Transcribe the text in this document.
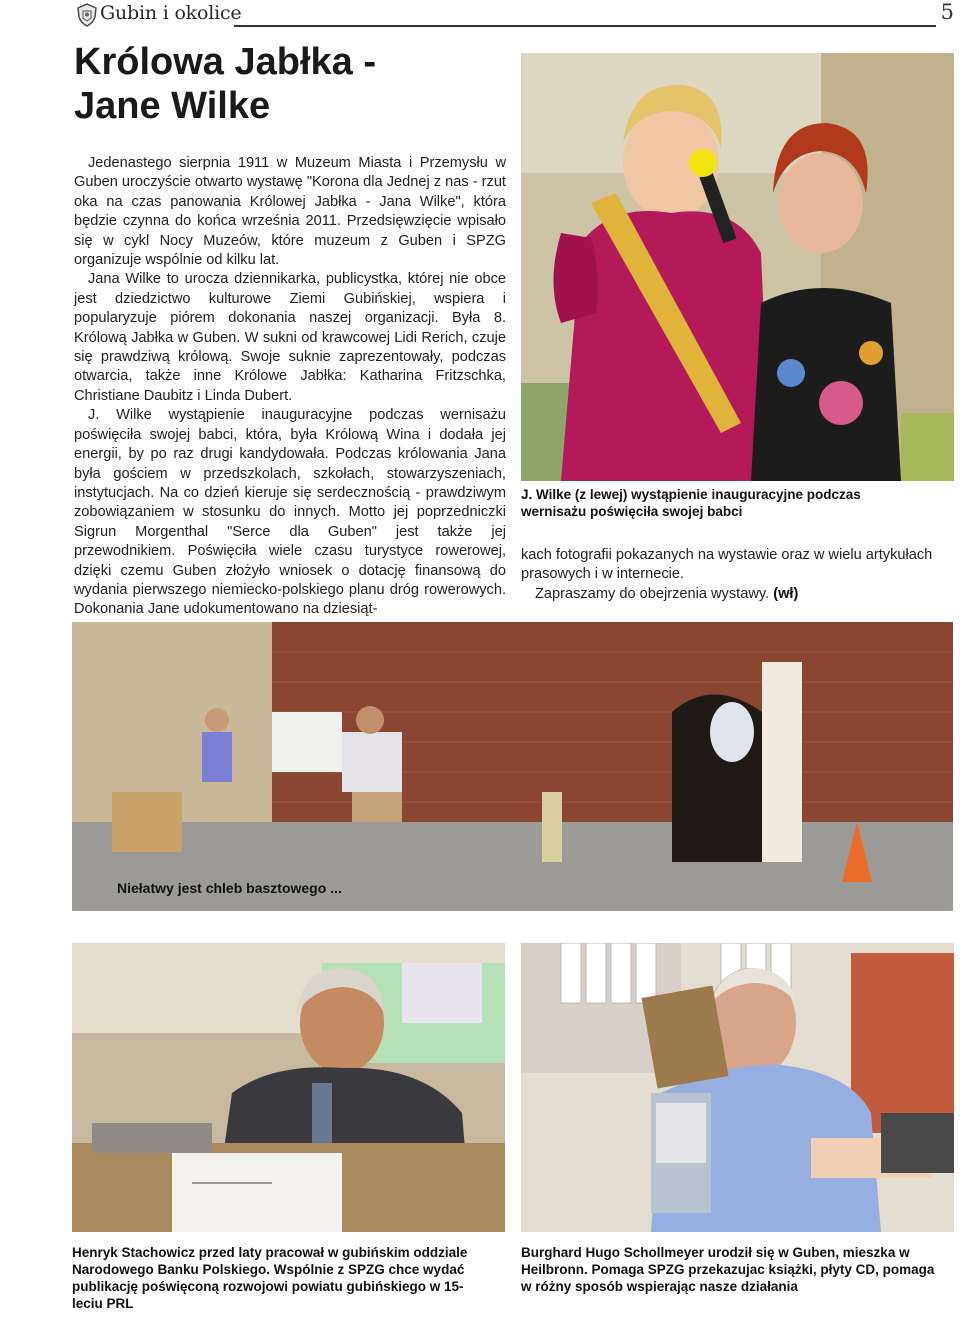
Gubin i okolice	5
Królowa Jabłka -
Jane Wilke

Jedenastego sierpnia 1911 w Muzeum Miasta i Przemysłu w Guben uroczyście otwarto wystawę "Korona dla Jednej z nas - rzut oka na czas panowania Królowej Jabłka - Jana Wilke", która będzie czynna do końca września 2011. Przedsięwzięcie wpisało się w cykl Nocy Muzeów, które muzeum z Guben i SPZG organizuje wspólnie od kilku lat.

Jana Wilke to urocza dziennikarka, publicystka, której nie obce jest dziedzictwo kulturowe Ziemi Gubińskiej, wspiera i popularyzuje piórem dokonania naszej organizacji. Była 8. Królową Jabłka w Guben. W sukni od krawcowej Lidi Rerich, czuje się prawdziwą królową. Swoje suknie zaprezentowały, podczas otwarcia, także inne Królowe Jabłka: Katharina Fritzschka, Christiane Daubitz i Linda Dubert.

J. Wilke wystąpienie inauguracyjne podczas wernisażu poświęciła swojej babci, która, była Królową Wina i dodała jej energii, by po raz drugi kandydowała. Podczas królowania Jana była gościem w przedszkolach, szkołach, stowarzyszeniach, instytucjach. Na co dzień kieruje się serdecznością - prawdziwym zobowiązaniem w stosunku do innych. Motto jej poprzedniczki Sigrun Morgenthal "Serce dla Guben" jest także jej przewodnikiem. Poświęciła wiele czasu turystyce rowerowej, dzięki czemu Guben złożyło wniosek o dotację finansową do wydania pierwszego niemiecko-polskiego planu dróg rowerowych. Dokonania Jane udokumentowano na dziesiąt-

J. Wilke (z lewej) wystąpienie inauguracyjne podczas wernisażu poświęciła swojej babci

kach fotografii pokazanych na wystawie oraz w wielu artykułach prasowych i w internecie.

Zapraszamy do obejrzenia wystawy. (wł)

Niełatwy jest chleb basztowego ...

Henryk Stachowicz przed laty pracował w gubińskim oddziale Narodowego Banku Polskiego. Wspólnie z SPZG chce wydać publikację poświęconą rozwojowi powiatu gubińskiego w 15-leciu PRL

Burghard Hugo Schollmeyer urodził się w Guben, mieszka w Heilbronn. Pomaga SPZG przekazujac książki, płyty CD, pomaga w różny sposób wspierając nasze działania
